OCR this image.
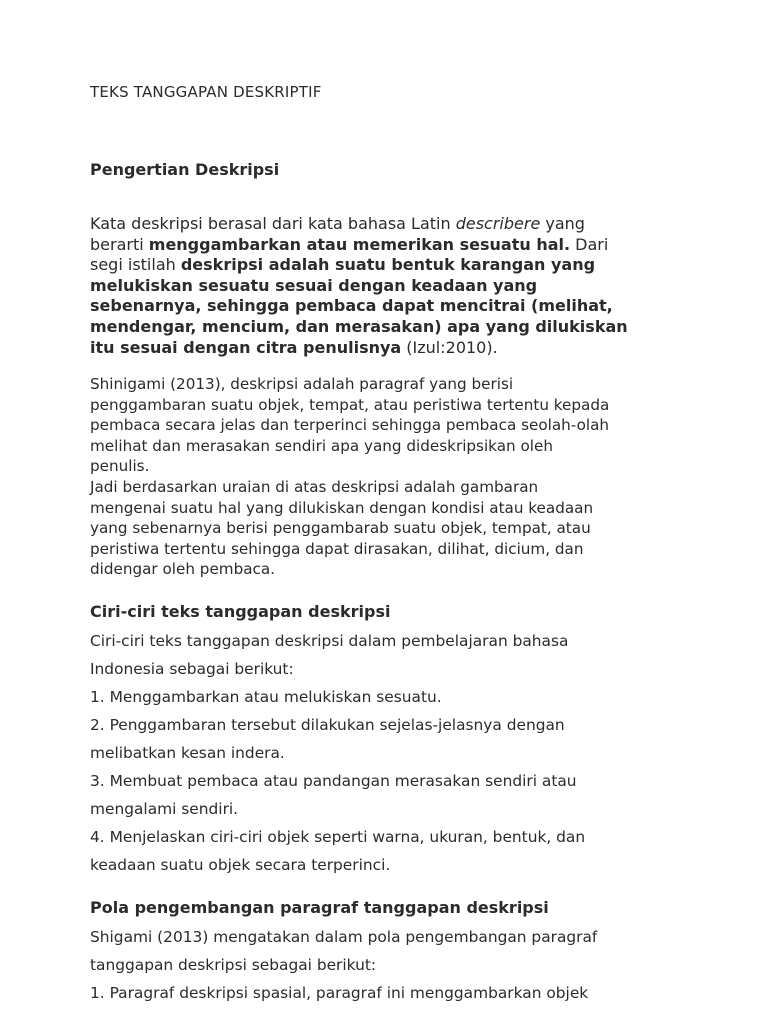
TEKS TANGGAPAN DESKRIPTIF
Pengertian Deskripsi

Kata deskripsi berasal dari kata bahasa Latin describere yang
berarti menggambarkan atau memerikan sesuatu hal. Dari
segi istilah deskripsi adalah suatu bentuk karangan yang
melukiskan sesuatu sesuai dengan keadaan yang
sebenarnya, sehingga pembaca dapat mencitrai (melihat,
mendengar, mencium, dan merasakan) apa yang dilukiskan
itu sesuai dengan citra penulisnya (Izul:2010).

Shinigami (2013), deskripsi adalah paragraf yang berisi
penggambaran suatu objek, tempat, atau peristiwa tertentu kepada
pembaca secara jelas dan terperinci sehingga pembaca seolah-olah
melihat dan merasakan sendiri apa yang dideskripsikan oleh
penulis.
Jadi berdasarkan uraian di atas deskripsi adalah gambaran
mengenai suatu hal yang dilukiskan dengan kondisi atau keadaan
yang sebenarnya berisi penggambarab suatu objek, tempat, atau
peristiwa tertentu sehingga dapat dirasakan, dilihat, dicium, dan
didengar oleh pembaca.

Ciri-ciri teks tanggapan deskripsi

Ciri-ciri teks tanggapan deskripsi dalam pembelajaran bahasa
Indonesia sebagai berikut:
1. Menggambarkan atau melukiskan sesuatu.
2. Penggambaran tersebut dilakukan sejelas-jelasnya dengan
melibatkan kesan indera.
3. Membuat pembaca atau pandangan merasakan sendiri atau
mengalami sendiri.
4. Menjelaskan ciri-ciri objek seperti warna, ukuran, bentuk, dan
keadaan suatu objek secara terperinci.

Pola pengembangan paragraf tanggapan deskripsi

Shigami (2013) mengatakan dalam pola pengembangan paragraf
tanggapan deskripsi sebagai berikut:
1. Paragraf deskripsi spasial, paragraf ini menggambarkan objek
